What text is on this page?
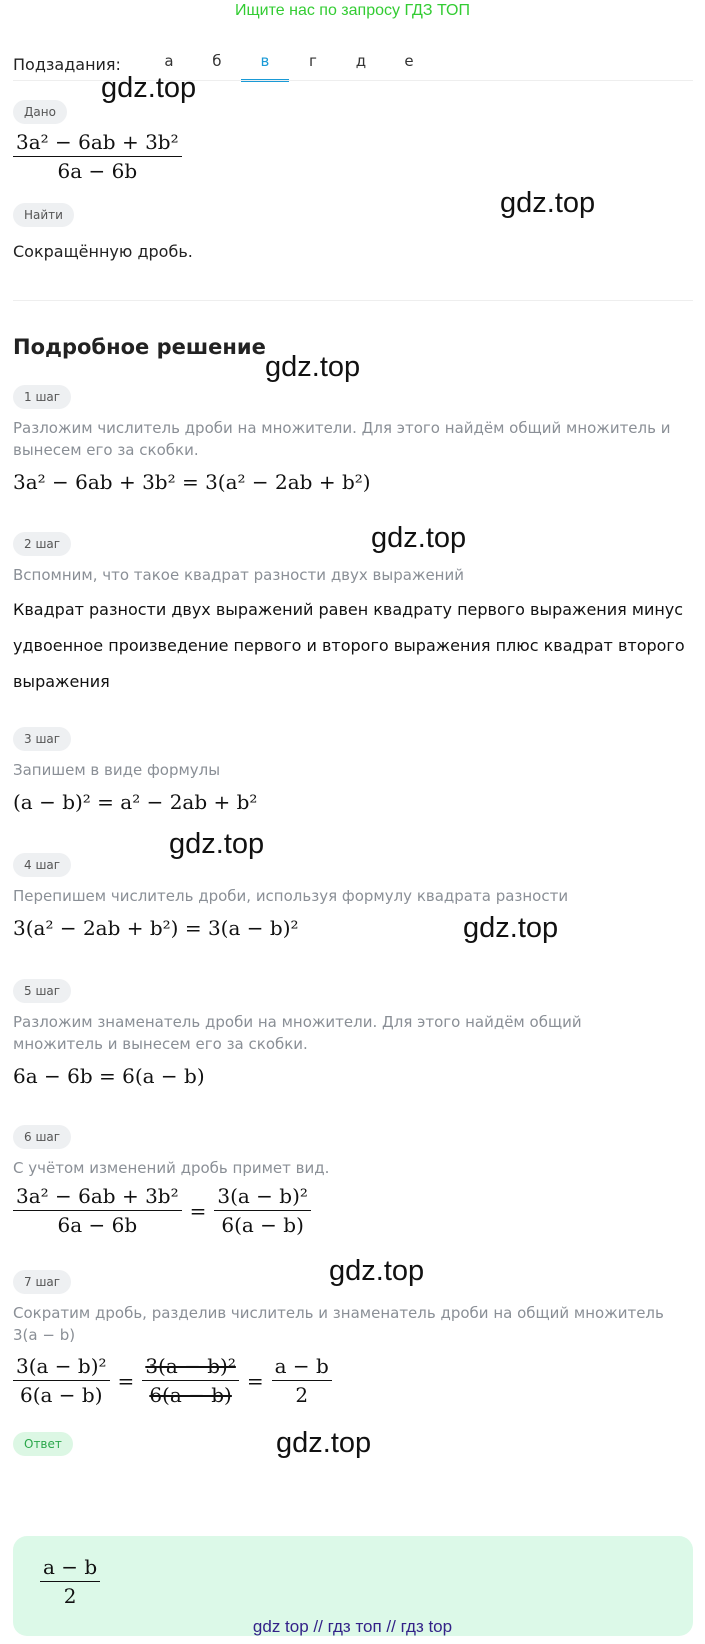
Ищите нас по запросу ГДЗ ТОП
Подзадания:	а	б	в	г	д	е
Дано
$\frac{\text{3a² − 6ab + 3b²}}{6a - 6b}$
Найти
Сокращённую дробь.
Подробное решение
1 шаг
Разложим числитель дроби на множители. Для этого найдём общий множитель и вынесем его за скобки.
3a² − 6ab + 3b² = 3(a² − 2ab + b²)
2 шаг
Вспомним, что такое квадрат разности двух выражений
Квадрат разности двух выражений равен квадрату первого выражения минус удвоенное произведение первого и второго выражения плюс квадрат второго выражения
3 шаг
Запишем в виде формулы
(a − b)² = a² − 2ab + b²
4 шаг
Перепишем числитель дроби, используя формулу квадрата разности
3(a² − 2ab + b²) = 3(a − b)²
5 шаг
Разложим знаменатель дроби на множители. Для этого найдём общий множитель и вынесем его за скобки.
6a − 6b = 6(a − b)
6 шаг
С учётом изменений дробь примет вид.
$\frac{\text{3a² − 6ab + 3b²}}{6a - 6b} = \frac{\text{3(a − b)²}}{6(a - b)}$
7 шаг
Сократим дробь, разделив числитель и знаменатель дроби на общий множитель 3(a − b)
$\frac{\text{3(a − b)²}}{6(a - b)} = \frac{\text{3(a − b)²}}{6(a - b)} = \frac{a - b}{2}$
Ответ
$\frac{a - b}{2}$
gdz.top
gdz.top
gdz.top
gdz.top
gdz.top
gdz.top
gdz.top
gdz.top
gdz top // гдз топ // гдз top
